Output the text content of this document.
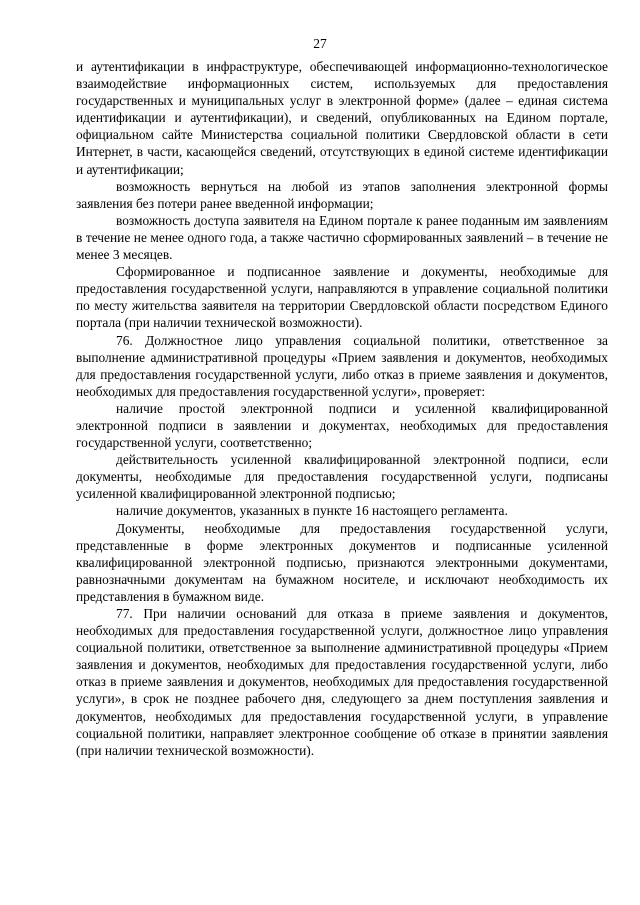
27

и аутентификации в инфраструктуре, обеспечивающей информационно-технологическое взаимодействие информационных систем, используемых для предоставления государственных и муниципальных услуг в электронной форме» (далее – единая система идентификации и аутентификации), и сведений, опубликованных на Едином портале, официальном сайте Министерства социальной политики Свердловской области в сети Интернет, в части, касающейся сведений, отсутствующих в единой системе идентификации и аутентификации;

возможность вернуться на любой из этапов заполнения электронной формы заявления без потери ранее введенной информации;

возможность доступа заявителя на Едином портале к ранее поданным им заявлениям в течение не менее одного года, а также частично сформированных заявлений – в течение не менее 3 месяцев.

Сформированное и подписанное заявление и документы, необходимые для предоставления государственной услуги, направляются в управление социальной политики по месту жительства заявителя на территории Свердловской области посредством Единого портала (при наличии технической возможности).

76. Должностное лицо управления социальной политики, ответственное за выполнение административной процедуры «Прием заявления и документов, необходимых для предоставления государственной услуги, либо отказ в приеме заявления и документов, необходимых для предоставления государственной услуги», проверяет:

наличие простой электронной подписи и усиленной квалифицированной электронной подписи в заявлении и документах, необходимых для предоставления государственной услуги, соответственно;

действительность усиленной квалифицированной электронной подписи, если документы, необходимые для предоставления государственной услуги, подписаны усиленной квалифицированной электронной подписью;

наличие документов, указанных в пункте 16 настоящего регламента.

Документы, необходимые для предоставления государственной услуги, представленные в форме электронных документов и подписанные усиленной квалифицированной электронной подписью, признаются электронными документами, равнозначными документам на бумажном носителе, и исключают необходимость их представления в бумажном виде.

77. При наличии оснований для отказа в приеме заявления и документов, необходимых для предоставления государственной услуги, должностное лицо управления социальной политики, ответственное за выполнение административной процедуры «Прием заявления и документов, необходимых для предоставления государственной услуги, либо отказ в приеме заявления и документов, необходимых для предоставления государственной услуги», в срок не позднее рабочего дня, следующего за днем поступления заявления и документов, необходимых для предоставления государственной услуги, в управление социальной политики, направляет электронное сообщение об отказе в принятии заявления (при наличии технической возможности).
